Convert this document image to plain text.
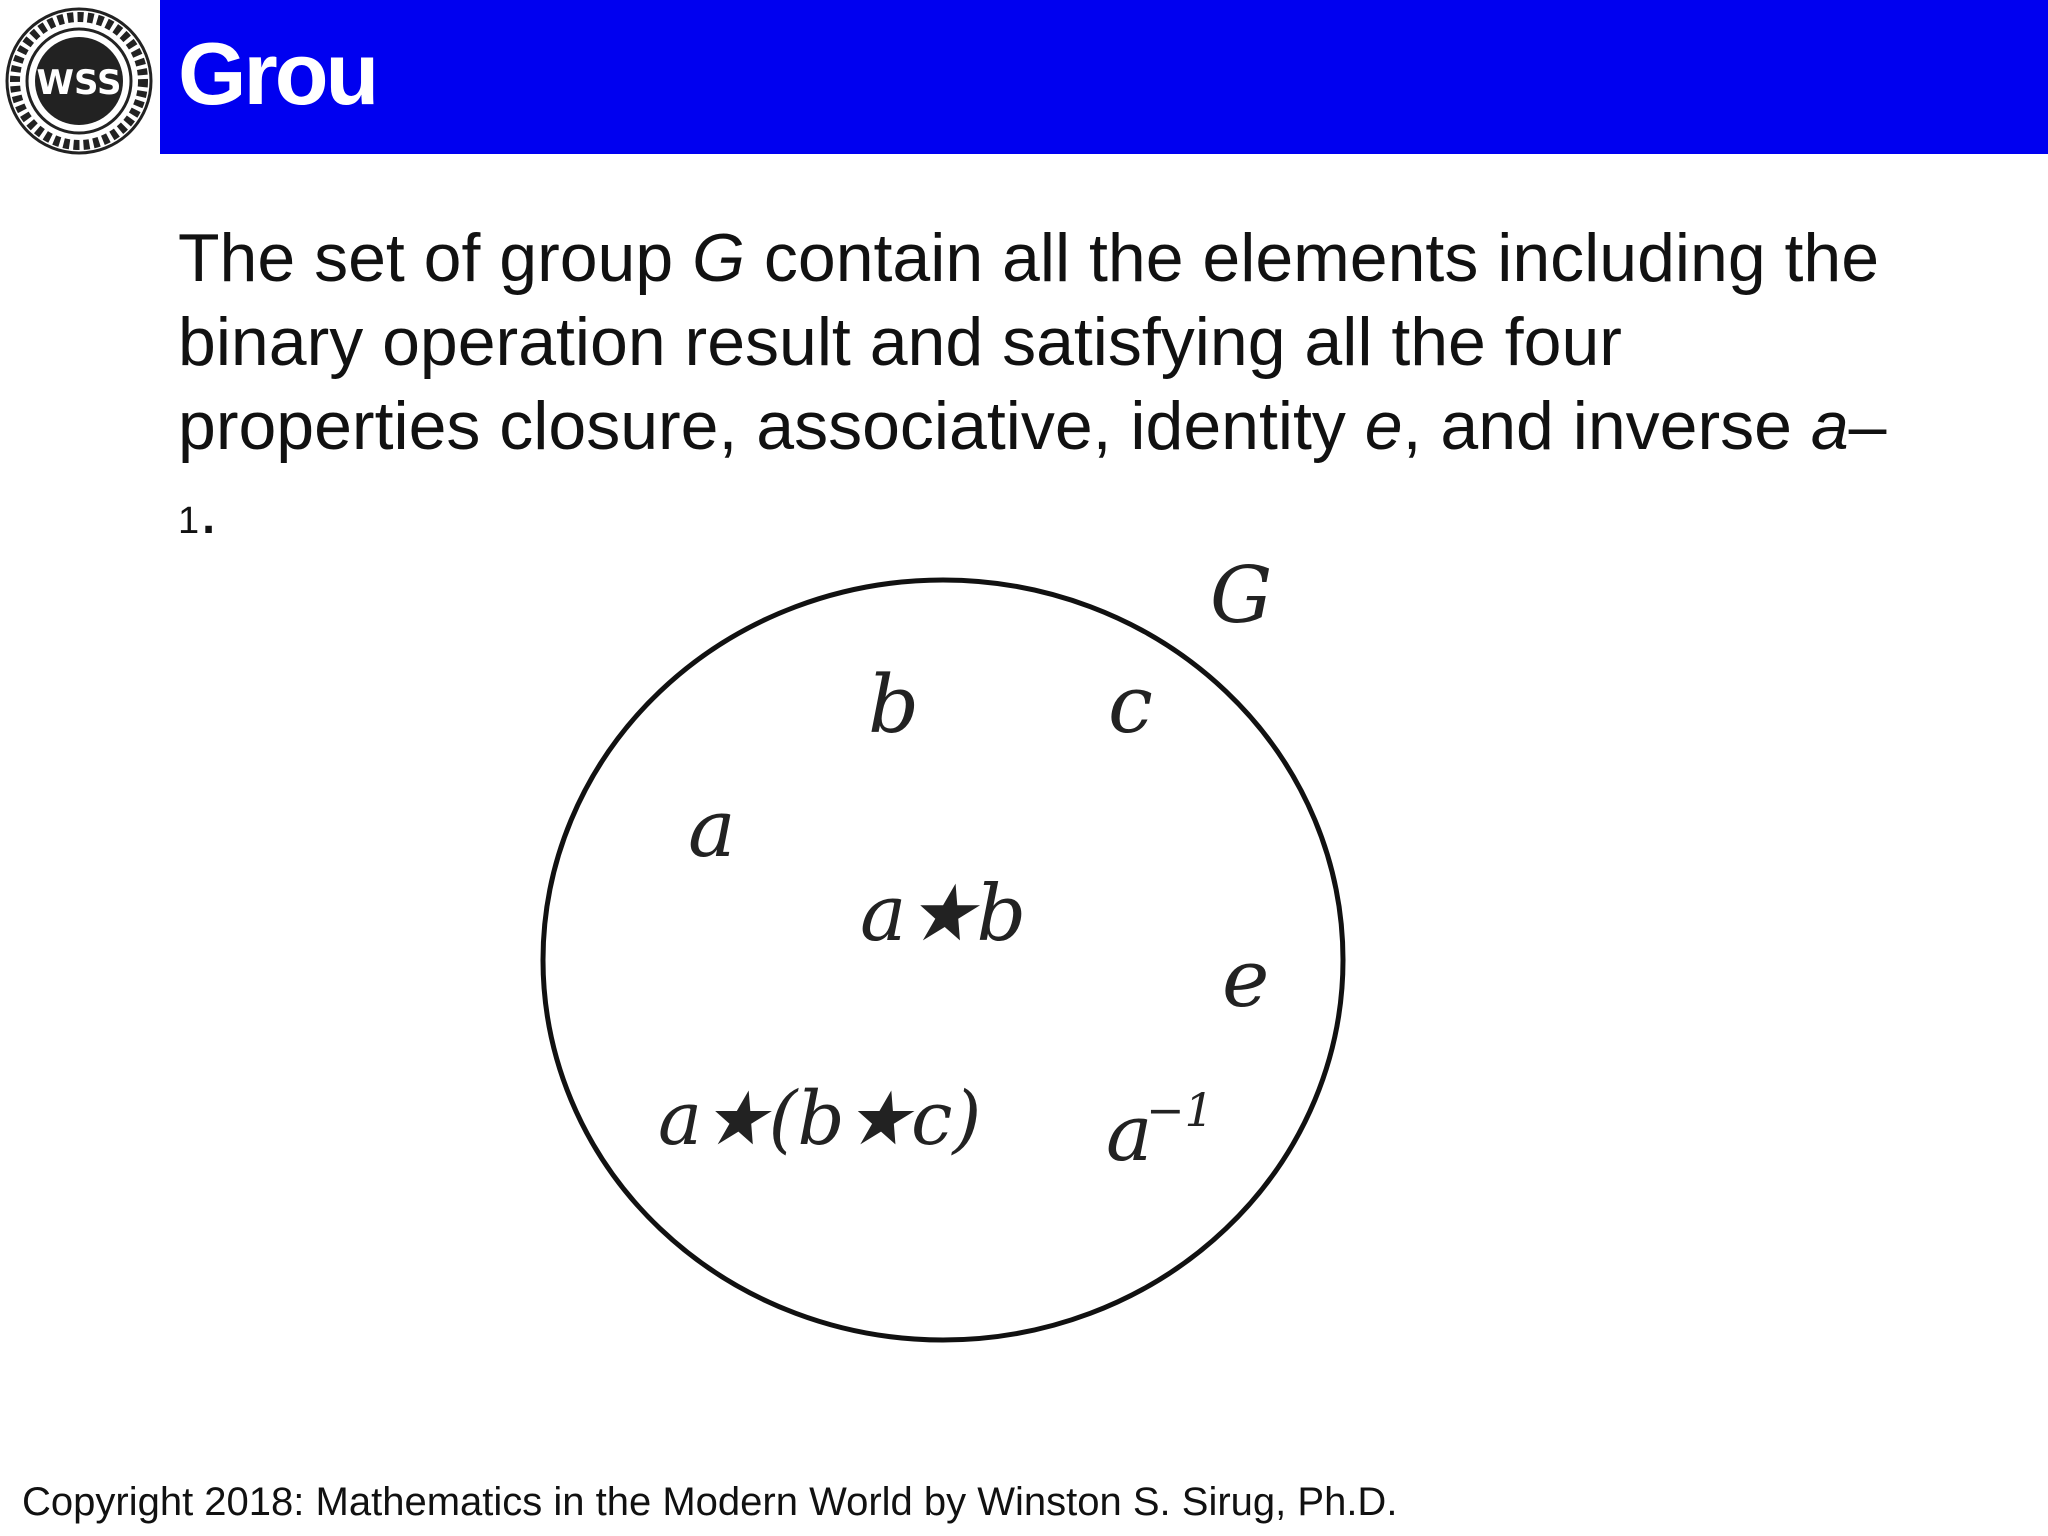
WSS Grou
The set of group G contain all the elements including the binary operation result and satisfying all the four properties closure, associative, identity e, and inverse a–
1.
G
b c
a
a★b
e
a★(b★c) a
−1
Copyright 2018: Mathematics in the Modern World by Winston S. Sirug, Ph.D.
